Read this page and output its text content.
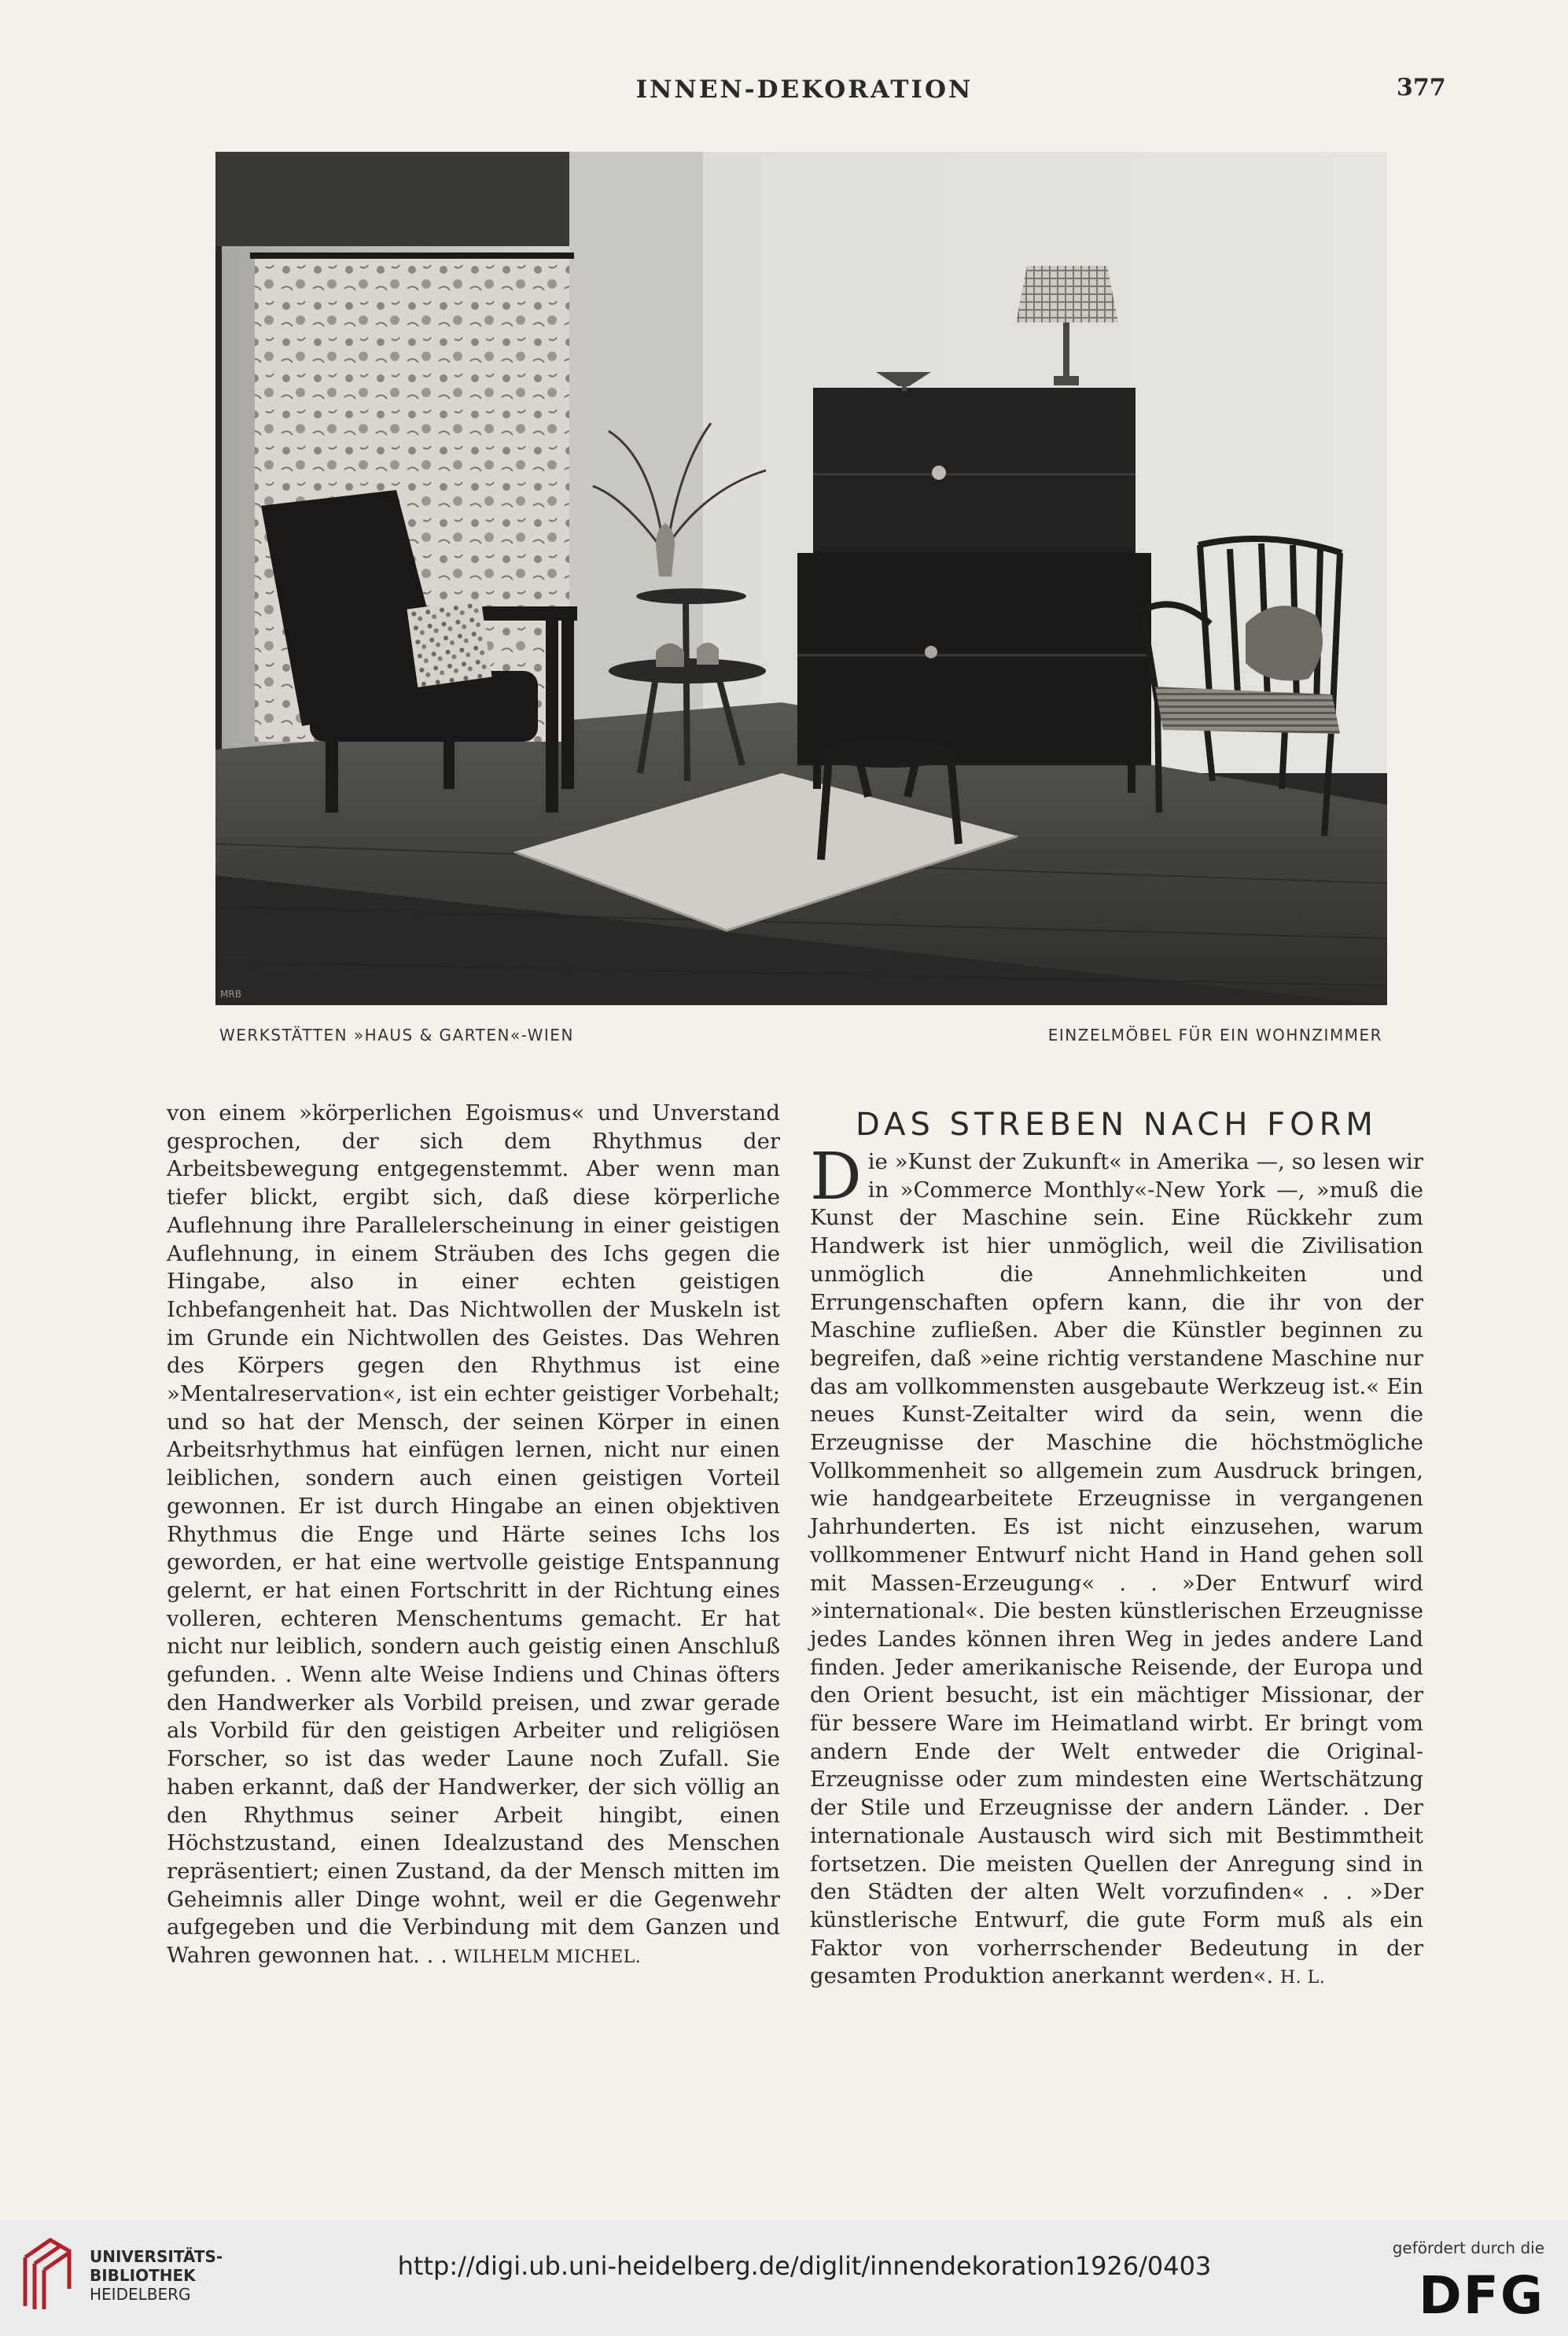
INNEN-DEKORATION	377
MRB
WERKSTÄTTEN »HAUS & GARTEN«-WIEN	EINZELMÖBEL FÜR EIN WOHNZIMMER

von einem »körperlichen Egoismus« und Unverstand gesprochen, der sich dem Rhythmus der Arbeitsbewegung entgegenstemmt. Aber wenn man tiefer blickt, ergibt sich, daß diese körperliche Auflehnung ihre Parallelerscheinung in einer geistigen Auflehnung, in einem Sträuben des Ichs gegen die Hingabe, also in einer echten geistigen Ichbefangenheit hat. Das Nichtwollen der Muskeln ist im Grunde ein Nichtwollen des Geistes. Das Wehren des Körpers gegen den Rhythmus ist eine »Mentalreservation«, ist ein echter geistiger Vorbehalt; und so hat der Mensch, der seinen Körper in einen Arbeitsrhythmus hat einfügen lernen, nicht nur einen leiblichen, sondern auch einen geistigen Vorteil gewonnen. Er ist durch Hingabe an einen objektiven Rhythmus die Enge und Härte seines Ichs los geworden, er hat eine wertvolle geistige Entspannung gelernt, er hat einen Fortschritt in der Richtung eines volleren, echteren Menschentums gemacht. Er hat nicht nur leiblich, sondern auch geistig einen Anschluß gefunden. . Wenn alte Weise Indiens und Chinas öfters den Handwerker als Vorbild preisen, und zwar gerade als Vorbild für den geistigen Arbeiter und religiösen Forscher, so ist das weder Laune noch Zufall. Sie haben erkannt, daß der Handwerker, der sich völlig an den Rhythmus seiner Arbeit hingibt, einen Höchstzustand, einen Idealzustand des Menschen repräsentiert; einen Zustand, da der Mensch mitten im Geheimnis aller Dinge wohnt, weil er die Gegenwehr aufgegeben und die Verbindung mit dem Ganzen und Wahren gewonnen hat. . . WILHELM MICHEL.

DAS STREBEN NACH FORM

Die »Kunst der Zukunft« in Amerika —, so lesen wir in »Commerce Monthly«-New York —, »muß die Kunst der Maschine sein. Eine Rückkehr zum Handwerk ist hier unmöglich, weil die Zivilisation unmöglich die Annehmlichkeiten und Errungenschaften opfern kann, die ihr von der Maschine zufließen. Aber die Künstler beginnen zu begreifen, daß »eine richtig verstandene Maschine nur das am vollkommensten ausgebaute Werkzeug ist.« Ein neues Kunst-Zeitalter wird da sein, wenn die Erzeugnisse der Maschine die höchstmögliche Vollkommenheit so allgemein zum Ausdruck bringen, wie handgearbeitete Erzeugnisse in vergangenen Jahrhunderten. Es ist nicht einzusehen, warum vollkommener Entwurf nicht Hand in Hand gehen soll mit Massen-Erzeugung« . . »Der Entwurf wird »international«. Die besten künstlerischen Erzeugnisse jedes Landes können ihren Weg in jedes andere Land finden. Jeder amerikanische Reisende, der Europa und den Orient besucht, ist ein mächtiger Missionar, der für bessere Ware im Heimatland wirbt. Er bringt vom andern Ende der Welt entweder die Original-Erzeugnisse oder zum mindesten eine Wertschätzung der Stile und Erzeugnisse der andern Länder. . Der internationale Austausch wird sich mit Bestimmtheit fortsetzen. Die meisten Quellen der Anregung sind in den Städten der alten Welt vorzufinden« . . »Der künstlerische Entwurf, die gute Form muß als ein Faktor von vorherrschender Bedeutung in der gesamten Produktion anerkannt werden«. H. L.

UNIVERSITÄTS-
BIBLIOTHEK
HEIDELBERG
http://digi.ub.uni-heidelberg.de/diglit/innendekoration1926/0403
gefördert durch die
DFG
